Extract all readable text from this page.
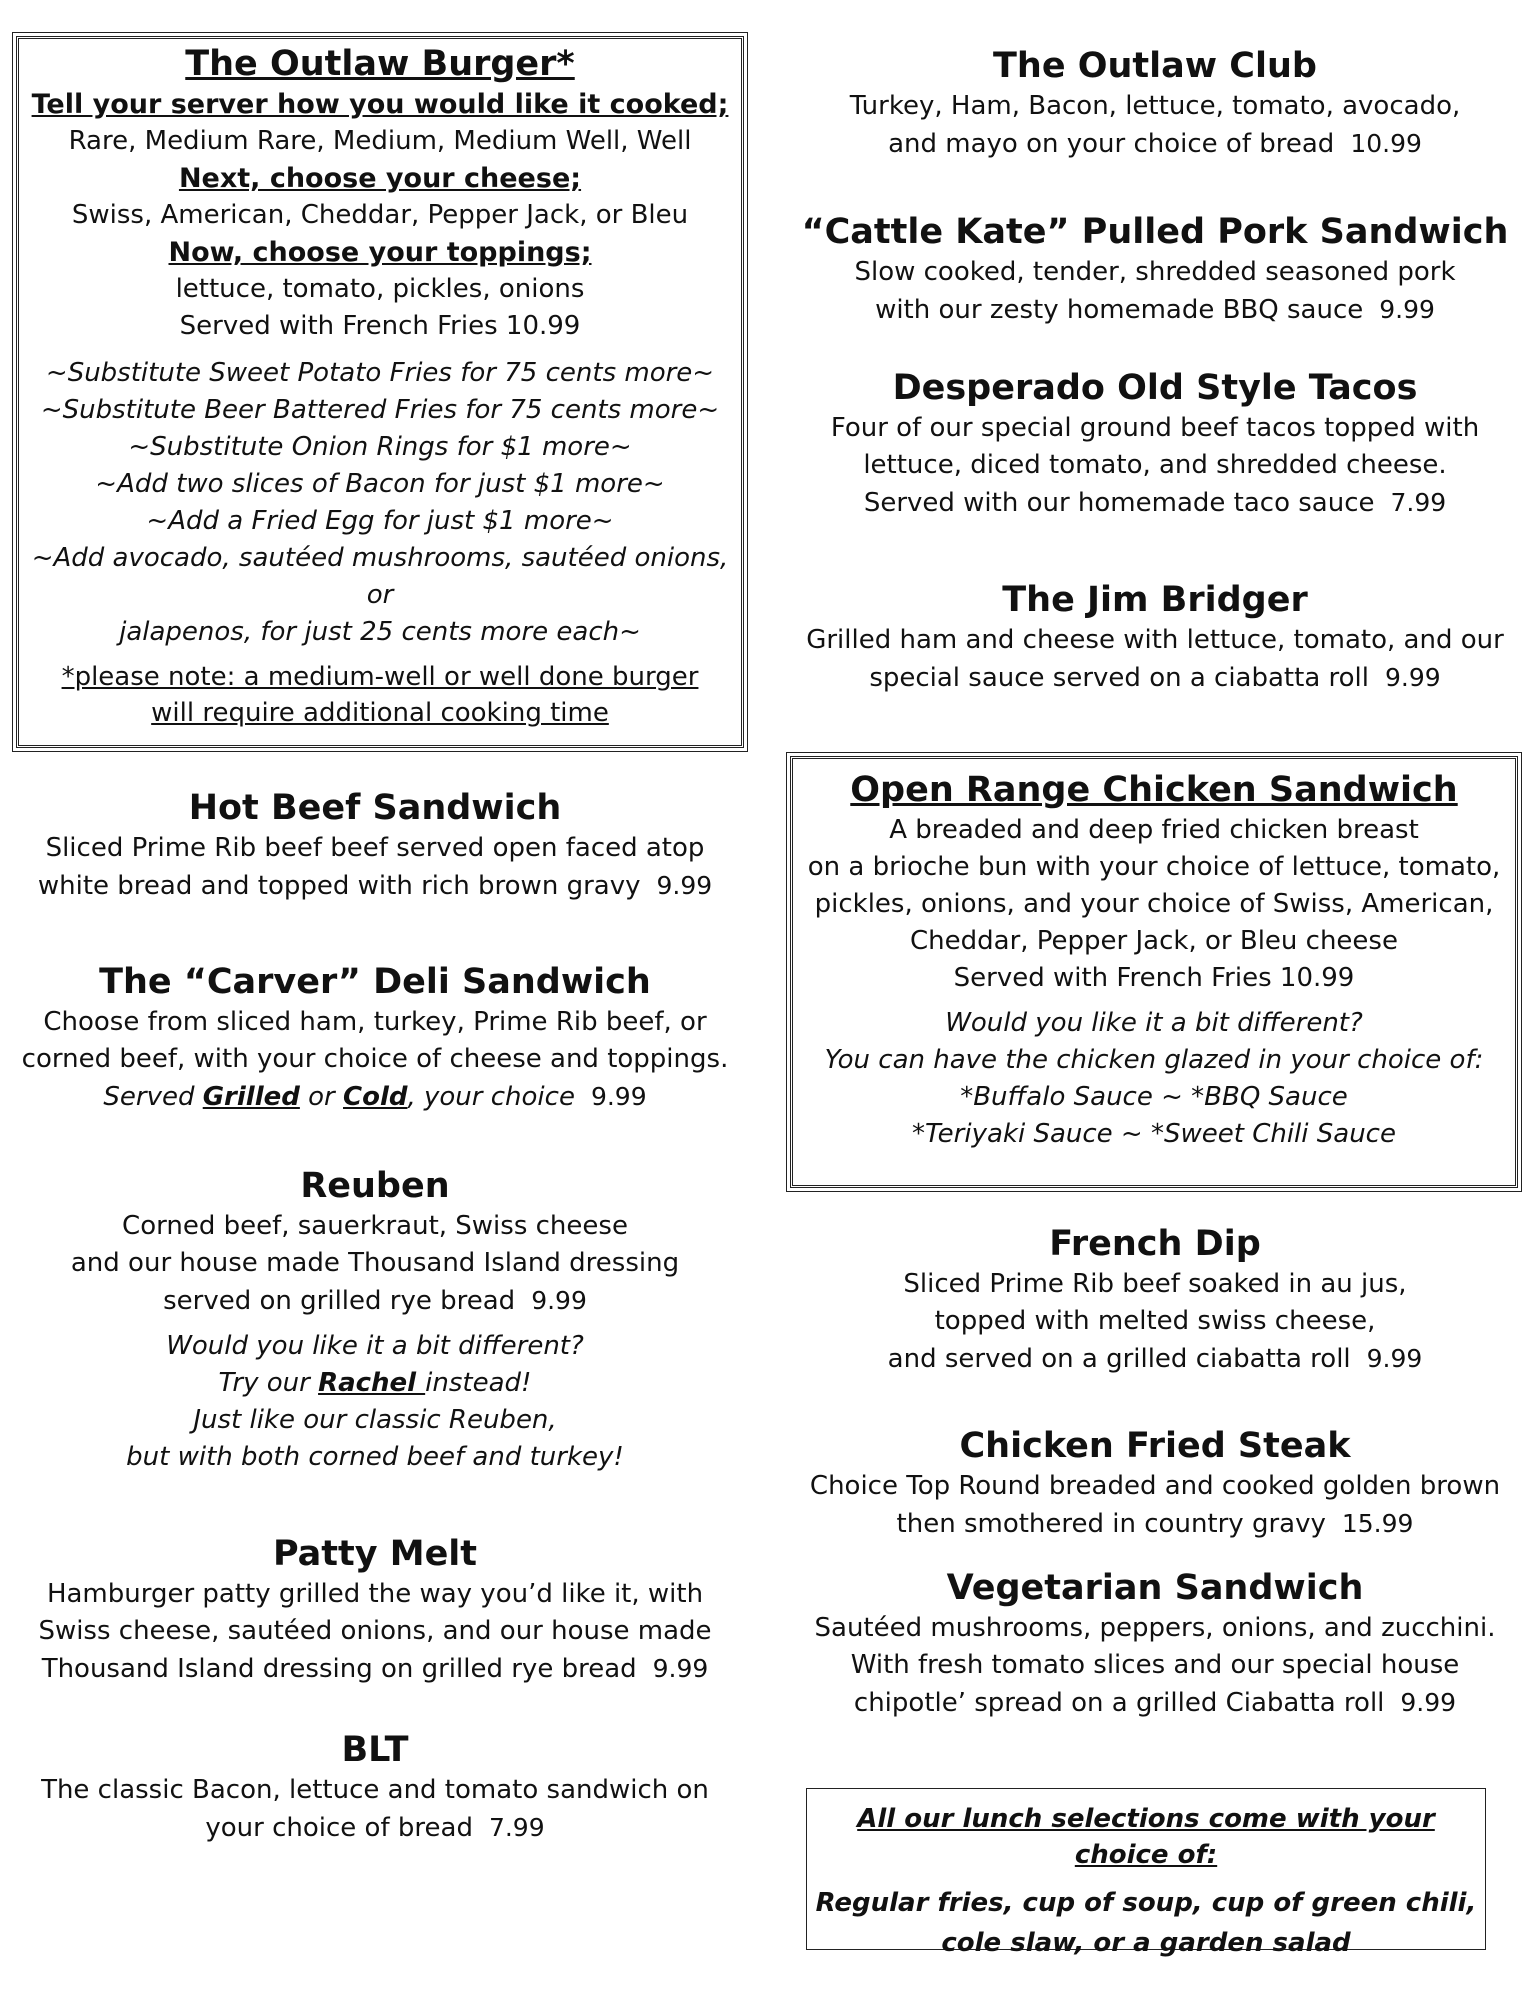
The Outlaw Burger*
Tell your server how you would like it cooked;
Rare, Medium Rare, Medium, Medium Well, Well
Next, choose your cheese;
Swiss, American, Cheddar, Pepper Jack, or Bleu
Now, choose your toppings;
lettuce, tomato, pickles, onions
Served with French Fries 10.99
~Substitute Sweet Potato Fries for 75 cents more~
~Substitute Beer Battered Fries for 75 cents more~
~Substitute Onion Rings for $1 more~
~Add two slices of Bacon for just $1 more~
~Add a Fried Egg for just $1 more~
~Add avocado, sautéed mushrooms, sautéed onions, or
jalapenos, for just 25 cents more each~
*please note: a medium-well or well done burger
will require additional cooking time
Hot Beef Sandwich
Sliced Prime Rib beef beef served open faced atop
white bread and topped with rich brown gravy 9.99
The “Carver” Deli Sandwich
Choose from sliced ham, turkey, Prime Rib beef, or
corned beef, with your choice of cheese and toppings.
Served Grilled or Cold, your choice 9.99
Reuben
Corned beef, sauerkraut, Swiss cheese
and our house made Thousand Island dressing
served on grilled rye bread 9.99
Would you like it a bit different?
Try our Rachel instead!
Just like our classic Reuben,
but with both corned beef and turkey!
Patty Melt
Hamburger patty grilled the way you’d like it, with
Swiss cheese, sautéed onions, and our house made
Thousand Island dressing on grilled rye bread 9.99
BLT
The classic Bacon, lettuce and tomato sandwich on
your choice of bread 7.99
The Outlaw Club
Turkey, Ham, Bacon, lettuce, tomato, avocado,
and mayo on your choice of bread 10.99
“Cattle Kate” Pulled Pork Sandwich
Slow cooked, tender, shredded seasoned pork
with our zesty homemade BBQ sauce 9.99
Desperado Old Style Tacos
Four of our special ground beef tacos topped with
lettuce, diced tomato, and shredded cheese.
Served with our homemade taco sauce 7.99
The Jim Bridger
Grilled ham and cheese with lettuce, tomato, and our
special sauce served on a ciabatta roll 9.99
Open Range Chicken Sandwich
A breaded and deep fried chicken breast
on a brioche bun with your choice of lettuce, tomato,
pickles, onions, and your choice of Swiss, American,
Cheddar, Pepper Jack, or Bleu cheese
Served with French Fries 10.99
Would you like it a bit different?
You can have the chicken glazed in your choice of:
*Buffalo Sauce ~ *BBQ Sauce
*Teriyaki Sauce ~ *Sweet Chili Sauce
French Dip
Sliced Prime Rib beef soaked in au jus,
topped with melted swiss cheese,
and served on a grilled ciabatta roll 9.99
Chicken Fried Steak
Choice Top Round breaded and cooked golden brown
then smothered in country gravy 15.99
Vegetarian Sandwich
Sautéed mushrooms, peppers, onions, and zucchini.
With fresh tomato slices and our special house
chipotle’ spread on a grilled Ciabatta roll 9.99
All our lunch selections come with your choice of:
Regular fries, cup of soup, cup of green chili,
cole slaw, or a garden salad
